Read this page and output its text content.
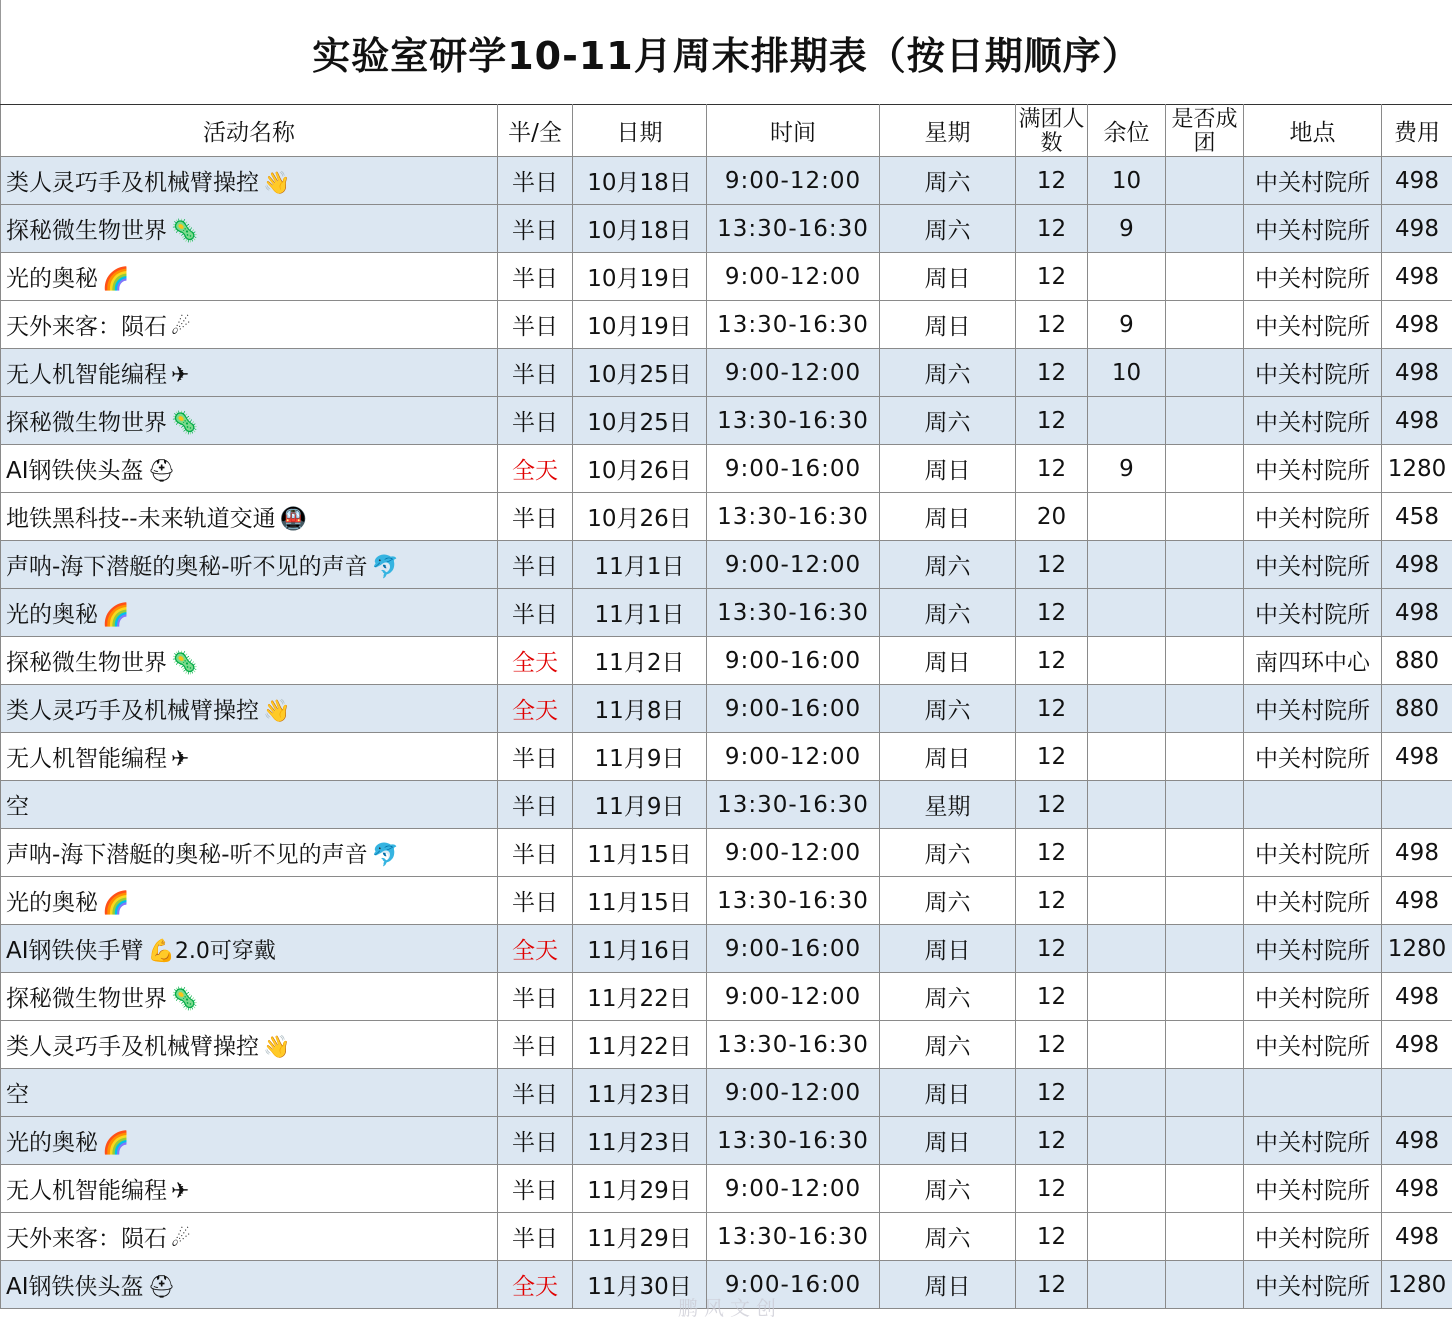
实验室研学10-11月周末排期表（按日期顺序）
活动名称	半/全	日期	时间	星期	满团人数	余位	是否成团	地点	费用
类人灵巧手及机械臂操控 👋	半日	10月18日	9:00-12:00	周六	12	10		中关村院所	498
探秘微生物世界 🦠	半日	10月18日	13:30-16:30	周六	12	9		中关村院所	498
光的奥秘 🌈	半日	10月19日	9:00-12:00	周日	12			中关村院所	498
天外来客：陨石 ☄	半日	10月19日	13:30-16:30	周日	12	9		中关村院所	498
无人机智能编程 ✈	半日	10月25日	9:00-12:00	周六	12	10		中关村院所	498
探秘微生物世界 🦠	半日	10月25日	13:30-16:30	周六	12			中关村院所	498
AI钢铁侠头盔 ⛑	全天	10月26日	9:00-16:00	周日	12	9		中关村院所	1280
地铁黑科技--未来轨道交通 🚇	半日	10月26日	13:30-16:30	周日	20			中关村院所	458
声呐-海下潜艇的奥秘-听不见的声音 🐬	半日	11月1日	9:00-12:00	周六	12			中关村院所	498
光的奥秘 🌈	半日	11月1日	13:30-16:30	周六	12			中关村院所	498
探秘微生物世界 🦠	全天	11月2日	9:00-16:00	周日	12			南四环中心	880
类人灵巧手及机械臂操控 👋	全天	11月8日	9:00-16:00	周六	12			中关村院所	880
无人机智能编程 ✈	半日	11月9日	9:00-12:00	周日	12			中关村院所	498
空	半日	11月9日	13:30-16:30	星期	12				
声呐-海下潜艇的奥秘-听不见的声音 🐬	半日	11月15日	9:00-12:00	周六	12			中关村院所	498
光的奥秘 🌈	半日	11月15日	13:30-16:30	周六	12			中关村院所	498
AI钢铁侠手臂 💪2.0可穿戴	全天	11月16日	9:00-16:00	周日	12			中关村院所	1280
探秘微生物世界 🦠	半日	11月22日	9:00-12:00	周六	12			中关村院所	498
类人灵巧手及机械臂操控 👋	半日	11月22日	13:30-16:30	周六	12			中关村院所	498
空	半日	11月23日	9:00-12:00	周日	12				
光的奥秘 🌈	半日	11月23日	13:30-16:30	周日	12			中关村院所	498
无人机智能编程 ✈	半日	11月29日	9:00-12:00	周六	12			中关村院所	498
天外来客：陨石 ☄	半日	11月29日	13:30-16:30	周六	12			中关村院所	498
AI钢铁侠头盔 ⛑	全天	11月30日	9:00-16:00	周日	12			中关村院所	1280
鹏风文创
